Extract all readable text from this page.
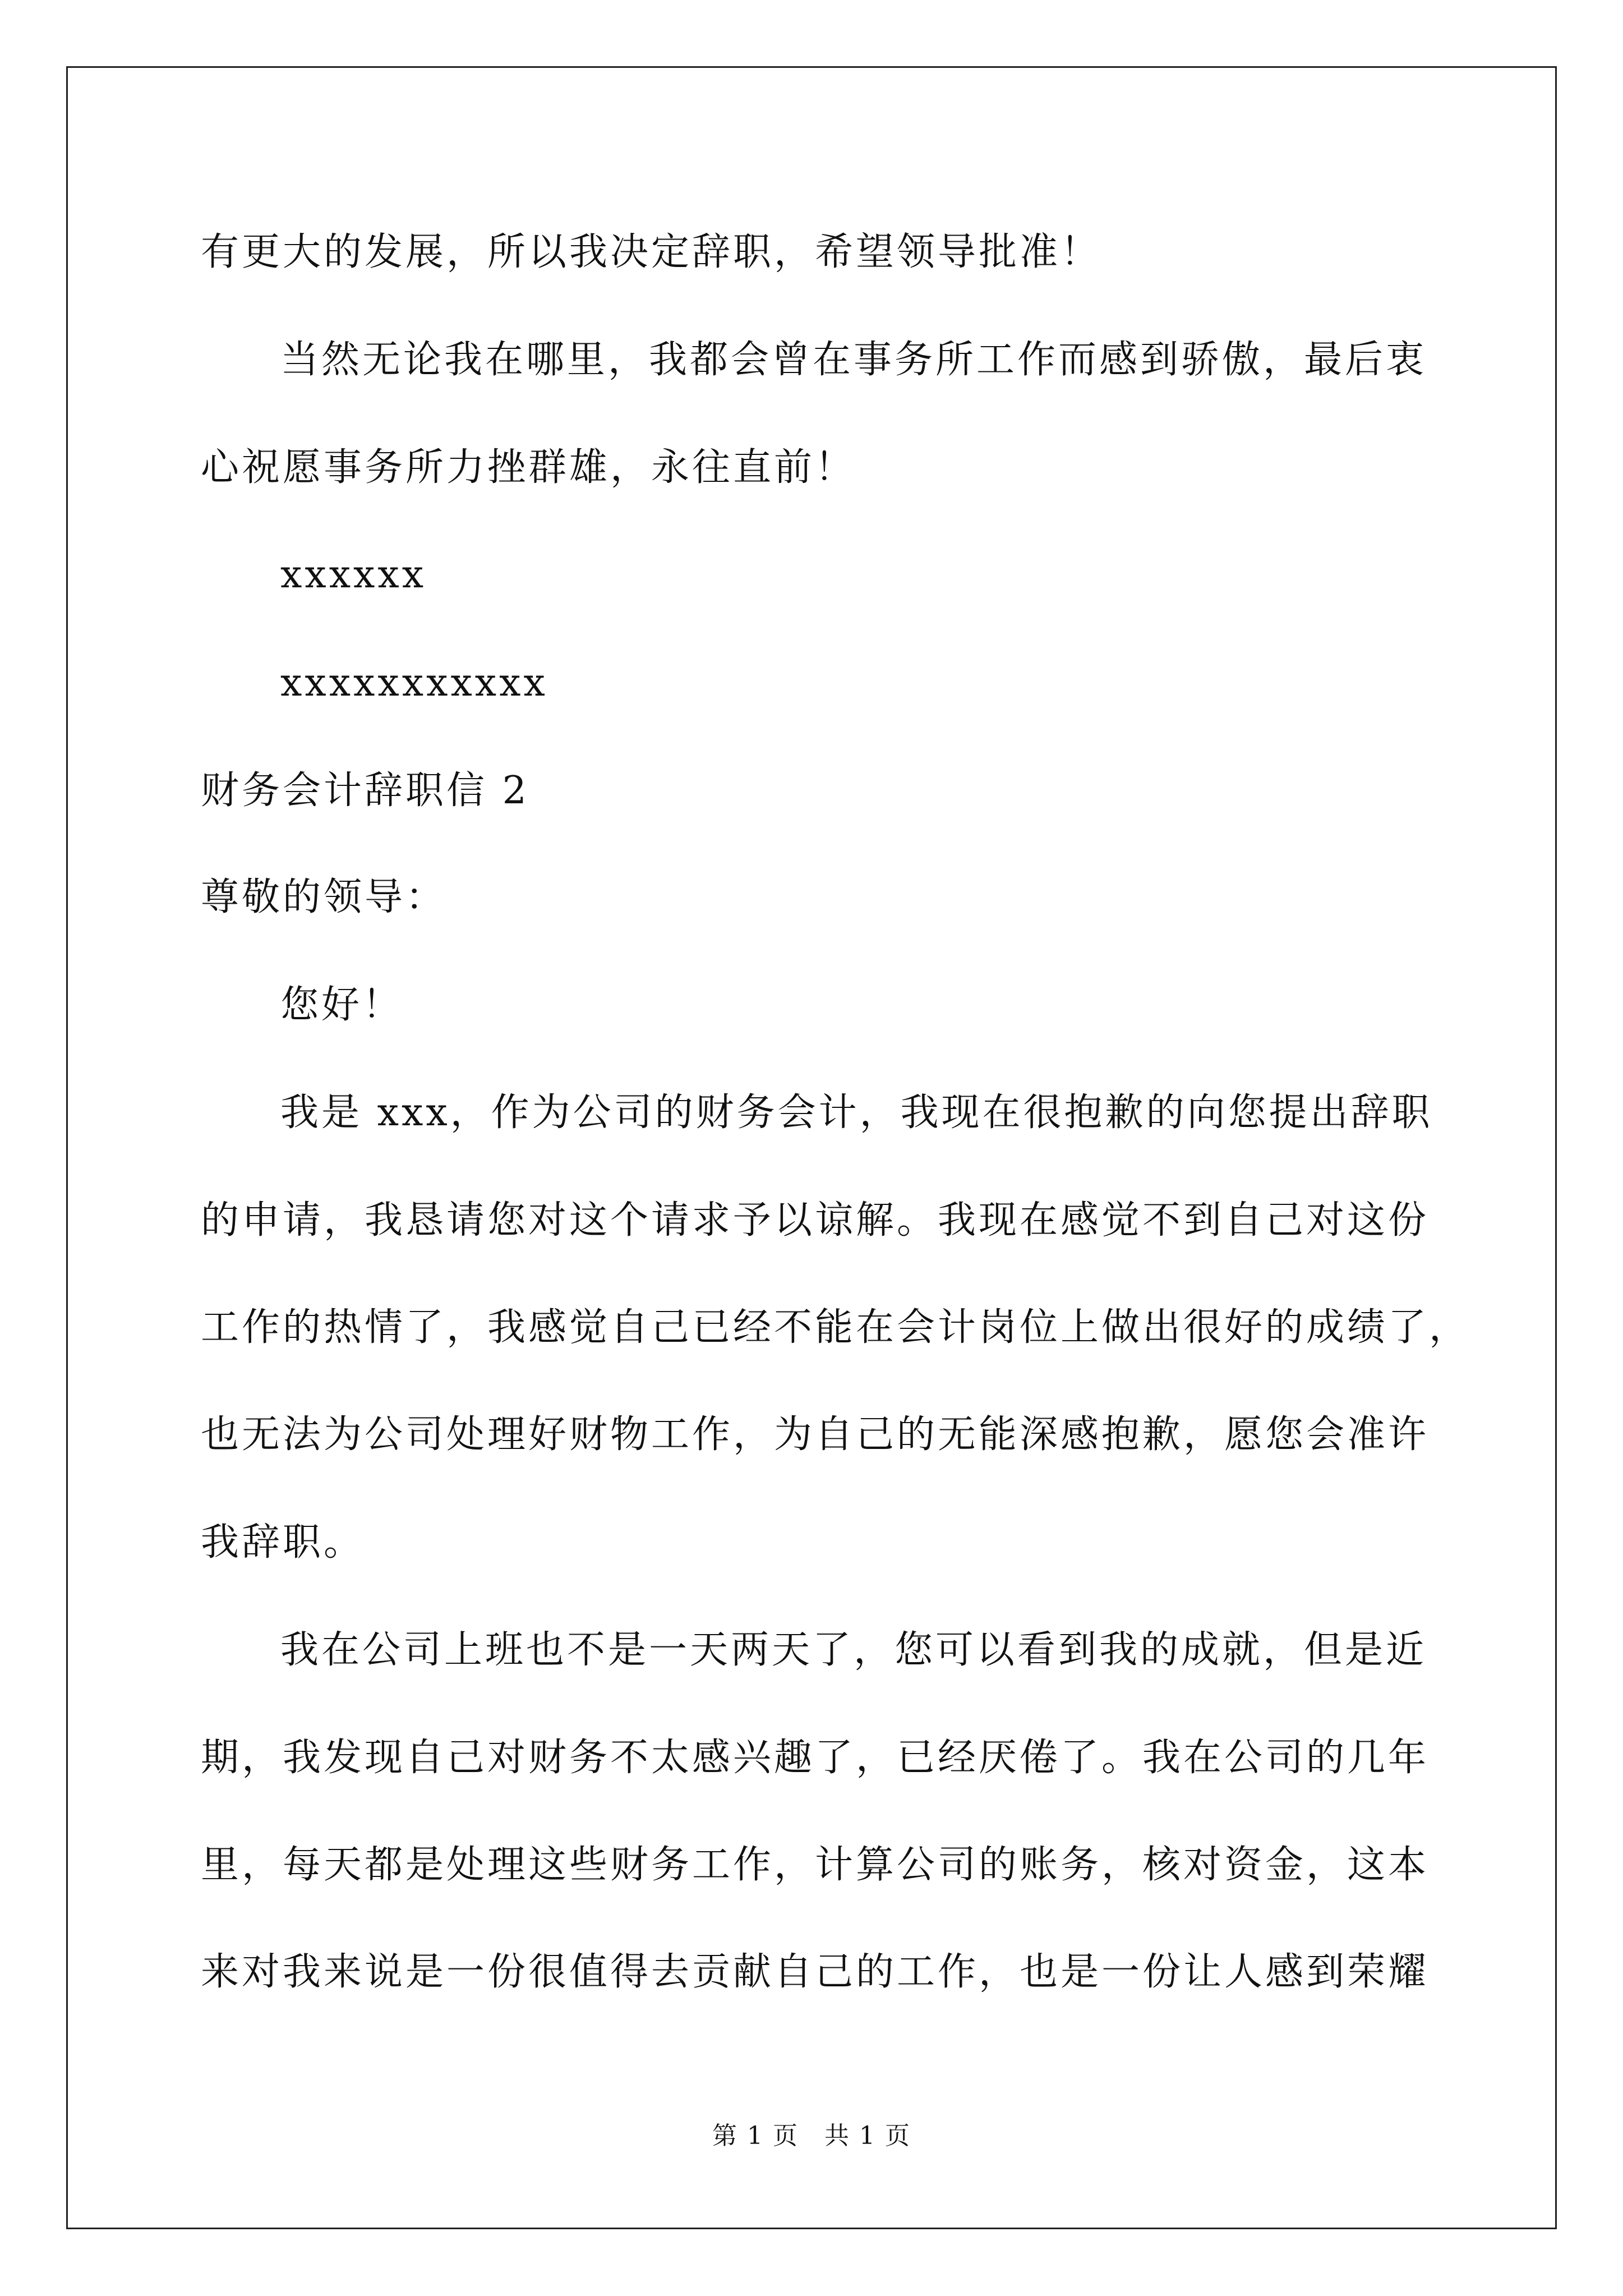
有更大的发展，所以我决定辞职，希望领导批准！
当然无论我在哪里，我都会曾在事务所工作而感到骄傲，最后衷
心祝愿事务所力挫群雄，永往直前！
xxxxxx
xxxxxxxxxxx
财务会计辞职信 2
尊敬的领导：
您好！
我是 xxx，作为公司的财务会计，我现在很抱歉的向您提出辞职
的申请，我恳请您对这个请求予以谅解。我现在感觉不到自己对这份
工作的热情了，我感觉自己已经不能在会计岗位上做出很好的成绩了，
也无法为公司处理好财物工作，为自己的无能深感抱歉，愿您会准许
我辞职。
我在公司上班也不是一天两天了，您可以看到我的成就，但是近
期，我发现自己对财务不太感兴趣了，已经厌倦了。我在公司的几年
里，每天都是处理这些财务工作，计算公司的账务，核对资金，这本
来对我来说是一份很值得去贡献自己的工作，也是一份让人感到荣耀
第 1 页　共 1 页
